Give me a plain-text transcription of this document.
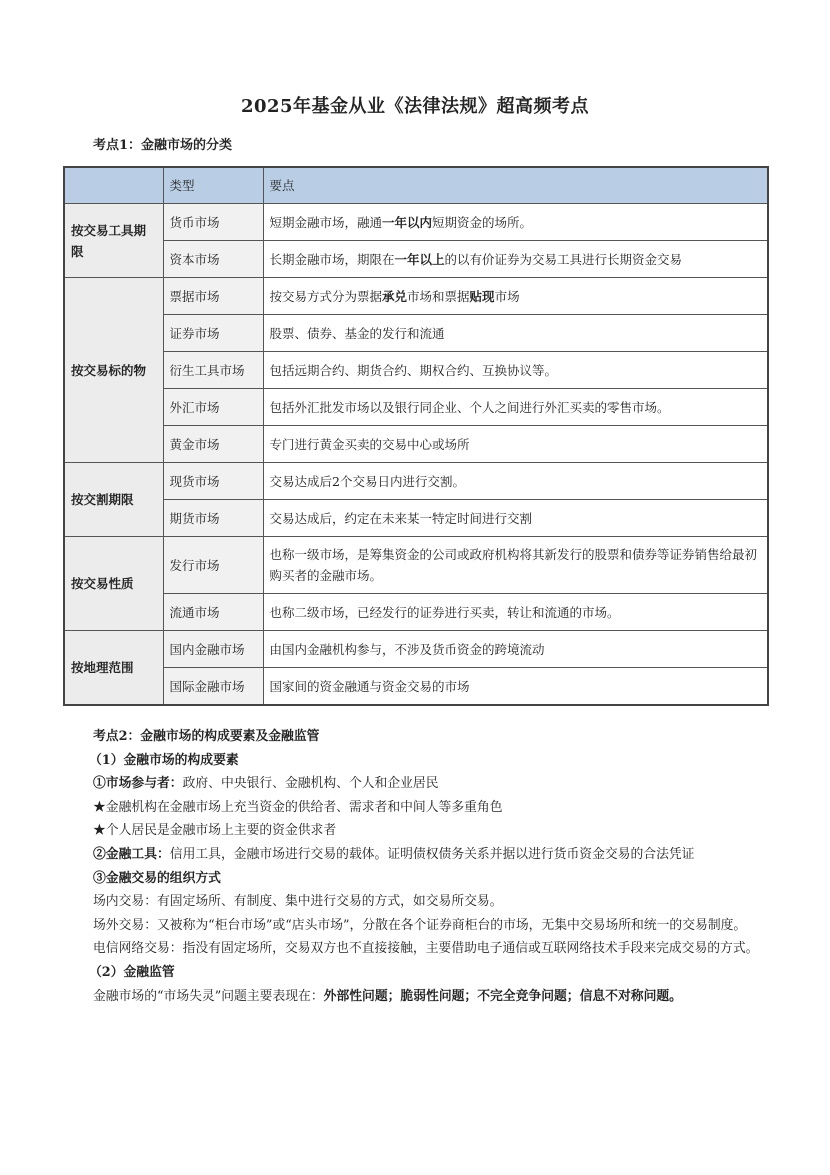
2025年基金从业《法律法规》超高频考点
考点1：金融市场的分类
	类型	要点
按交易工具期限	货币市场	短期金融市场，融通一年以内短期资金的场所。
	资本市场	长期金融市场，期限在一年以上的以有价证券为交易工具进行长期资金交易
按交易标的物	票据市场	按交易方式分为票据承兑市场和票据贴现市场
	证券市场	股票、债券、基金的发行和流通
	衍生工具市场	包括远期合约、期货合约、期权合约、互换协议等。
	外汇市场	包括外汇批发市场以及银行同企业、个人之间进行外汇买卖的零售市场。
	黄金市场	专门进行黄金买卖的交易中心或场所
按交割期限	现货市场	交易达成后2个交易日内进行交割。
	期货市场	交易达成后，约定在未来某一特定时间进行交割
按交易性质	发行市场	也称一级市场，是筹集资金的公司或政府机构将其新发行的股票和债券等证券销售给最初购买者的金融市场。
	流通市场	也称二级市场，已经发行的证券进行买卖，转让和流通的市场。
按地理范围	国内金融市场	由国内金融机构参与，不涉及货币资金的跨境流动
	国际金融市场	国家间的资金融通与资金交易的市场

考点2：金融市场的构成要素及金融监管

（1）金融市场的构成要素

①市场参与者：政府、中央银行、金融机构、个人和企业居民

★金融机构在金融市场上充当资金的供给者、需求者和中间人等多重角色

★个人居民是金融市场上主要的资金供求者

②金融工具：信用工具，金融市场进行交易的载体。证明债权债务关系并据以进行货币资金交易的合法凭证

③金融交易的组织方式

场内交易：有固定场所、有制度、集中进行交易的方式，如交易所交易。

场外交易：又被称为“柜台市场”或“店头市场”，分散在各个证券商柜台的市场，无集中交易场所和统一的交易制度。

电信网络交易：指没有固定场所，交易双方也不直接接触，主要借助电子通信或互联网络技术手段来完成交易的方式。

（2）金融监管

金融市场的“市场失灵”问题主要表现在：外部性问题；脆弱性问题；不完全竞争问题；信息不对称问题。
